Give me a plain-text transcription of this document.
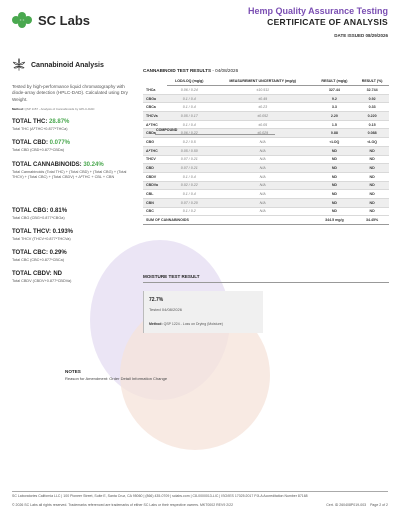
SC Labs
Hemp Quality Assurance Testing
CERTIFICATE OF ANALYSIS
DATE ISSUED 08/29/2026
Cannabinoid Analysis
Tested by high-performance liquid chromatography with diode-array detection (HPLC-DAD). Calculated using Dry Weight.
Method: QSP 1157 - Analysis of Cannabinoids by HPLC-DAD
TOTAL THC: 28.87%
Total THC (Δ⁹THC+0.877*THCa)
TOTAL CBD: 0.077%
Total CBD (CBD+0.877*CBDa)
TOTAL CANNABINOIDS: 30.24%
Total Cannabinoids (Total THC) + (Total CBD) + (Total CBG) + (Total THCV) + (Total CBC) + (Total CBDV) + Δ⁸THC + CBL + CBN
TOTAL CBG: 0.81%
Total CBG (CBG+0.877*CBGa)
TOTAL THCV: 0.193%
Total THCV (THCV+0.877*THCVa)
TOTAL CBC: 0.29%
Total CBC (CBC+0.877*CBCa)
TOTAL CBDV: ND
Total CBDV (CBDV+0.877*CBDVa)
CANNABINOID TEST RESULTS - 04/08/2026
COMPOUND
LOD/LOQ (mg/g)	MEASUREMENT UNCERTAINTY (mg/g)	RESULT (mg/g)	RESULT (%)
THCa	0.06 / 0.24	±10.511	327.44	32.744
CBGa	0.1 / 0.4	±0.49	9.2	0.92
CBCa	0.1 / 0.4	±0.23	3.3	0.33
THCVa	0.05 / 0.17	±0.052	2.20	0.220
Δ⁹THC	0.1 / 0.4	±0.05	1.5	0.15
CBDa	0.06 / 0.22	±0.029	0.88	0.088
CBG	0.2 / 0.5	N/A	<LOQ	<LOQ
Δ⁸THC	0.05 / 0.50	N/A	ND	ND
THCV	0.07 / 0.21	N/A	ND	ND
CBD	0.07 / 0.21	N/A	ND	ND
CBDV	0.1 / 0.4	N/A	ND	ND
CBDVa	0.02 / 0.22	N/A	ND	ND
CBL	0.1 / 0.4	N/A	ND	ND
CBN	0.07 / 0.20	N/A	ND	ND
CBC	0.1 / 0.2	N/A	ND	ND
SUM OF CANNABINOIDS			344.5 mg/g	34.45%
MOISTURE TEST RESULT
72.7%
Tested 04/08/2026
Method: QSP 1224 - Loss on Drying (Moisture)
NOTES
Reason for Amendment: Order Detail Information Change
SC Laboratories California LLC | 100 Pioneer Street, Suite E, Santa Cruz, CA 95060 | (866) 435-0709 | sclabs.com | C8-0000013-LIC | ISO/IES 17025:2017 PJLA Accreditation Number 87168
© 2026 SC Labs all rights reserved. Trademarks referenced are trademarks of either SC Labs or their respective owners. MKT0002 REV9 2/22	Cert. ID 260408P019-003 Page 2 of 2
